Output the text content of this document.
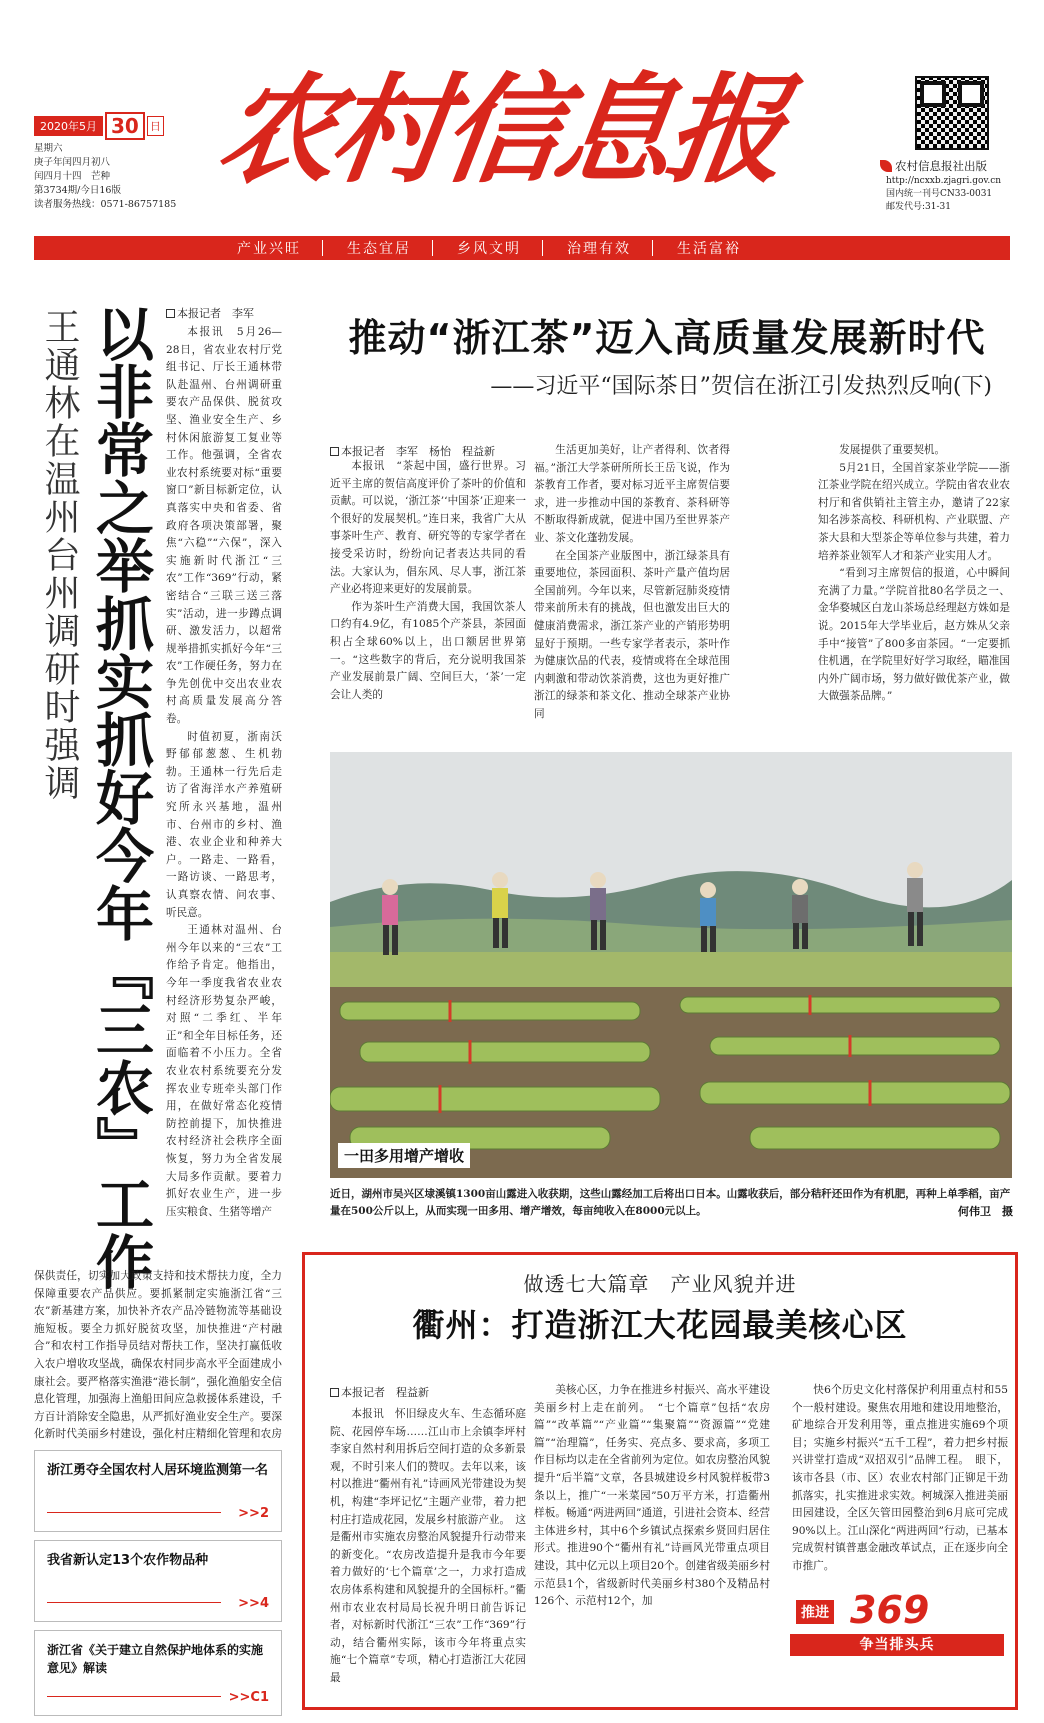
2020年5月 30	日
星期六
庚子年闰四月初八
闰四月十四　芒种
第3734期/今日16版
读者服务热线：0571-86757185
农村信息报	农村信息报社出版
http://ncxxb.zjagri.gov.cn
国内统一刊号CN33-0031
邮发代号:31-31
产业兴旺	生态宜居	乡风文明	治理有效	生活富裕
王通林在温州台州调研时强调 以非常之举抓实抓好今年『三农』工作	本报记者　李军

本报讯　5月26—28日，省农业农村厅党组书记、厅长王通林带队赴温州、台州调研重要农产品保供、脱贫攻坚、渔业安全生产、乡村休闲旅游复工复业等工作。他强调，全省农业农村系统要对标“重要窗口”新目标新定位，认真落实中央和省委、省政府各项决策部署，聚焦“六稳”“六保”，深入实施新时代浙江“三农”工作“369”行动，紧密结合“三联三送三落实”活动，进一步蹲点调研、激发活力，以超常规举措抓实抓好今年“三农”工作硬任务，努力在争先创优中交出农业农村高质量发展高分答卷。

时值初夏，浙南沃野郁郁葱葱、生机勃勃。王通林一行先后走访了省海洋水产养殖研究所永兴基地，温州市、台州市的乡村、渔港、农业企业和种养大户。一路走、一路看，一路访谈、一路思考，认真察农情、问农事、听民意。

王通林对温州、台州今年以来的“三农”工作给予肯定。他指出，今年一季度我省农业农村经济形势复杂严峻，对照“二季红、半年正”和全年目标任务，还面临着不小压力。全省农业农村系统要充分发挥农业专班牵头部门作用，在做好常态化疫情防控前提下，加快推进农村经济社会秩序全面恢复，努力为全省发展大局多作贡献。要着力抓好农业生产，进一步压实粮食、生猪等增产

保供责任，切实加大政策支持和技术帮扶力度，全力保障重要农产品供应。要抓紧制定实施浙江省“三农”新基建方案，加快补齐农产品冷链物流等基础设施短板。要全力抓好脱贫攻坚，加快推进“产村融合”和农村工作指导员结对帮扶工作，坚决打赢低收入农户增收攻坚战，确保农村同步高水平全面建成小康社会。要严格落实渔港“港长制”，强化渔船安全信息化管理，加强海上渔船田间应急救援体系建设，千方百计消除安全隐患，从严抓好渔业安全生产。要深化新时代美丽乡村建设，强化村庄精细化管理和农房
推动“浙江茶”迈入高质量发展新时代
——习近平“国际茶日”贺信在浙江引发热烈反响(下)
本报记者　李军　杨怡　程益新

本报讯　“茶起中国，盛行世界。习近平主席的贺信高度评价了茶叶的价值和贡献。可以说，‘浙江茶’‘中国茶’正迎来一个很好的发展契机。”连日来，我省广大从事茶叶生产、教育、研究等的专家学者在接受采访时，纷纷向记者表达共同的看法。大家认为，倡东风、尽人事，浙江茶产业必将迎来更好的发展前景。

作为茶叶生产消费大国，我国饮茶人口约有4.9亿，有1085个产茶县，茶园面积占全球60%以上，出口额居世界第一。“这些数字的背后，充分说明我国茶产业发展前景广阔、空间巨大，‘茶’一定会让人类的

生活更加美好，让产者得利、饮者得福。”浙江大学茶研所所长王岳飞说，作为茶教育工作者，要对标习近平主席贺信要求，进一步推动中国的茶教育、茶科研等不断取得新成就，促进中国乃至世界茶产业、茶文化蓬勃发展。

在全国茶产业版图中，浙江绿茶具有重要地位，茶园面积、茶叶产量产值均居全国前列。今年以来，尽管新冠肺炎疫情带来前所未有的挑战，但也激发出巨大的健康消费需求，浙江茶产业的产销形势明显好于预期。一些专家学者表示，茶叶作为健康饮品的代表，疫情或将在全球范围内刺激和带动饮茶消费，这也为更好推广浙江的绿茶和茶文化、推动全球茶产业协同

发展提供了重要契机。

5月21日，全国首家茶业学院——浙江茶业学院在绍兴成立。学院由省农业农村厅和省供销社主管主办，邀请了22家知名涉茶高校、科研机构、产业联盟、产茶大县和大型茶企等单位参与共建，着力培养茶业领军人才和茶产业实用人才。

“看到习主席贺信的报道，心中瞬间充满了力量。”学院首批80名学员之一、金华婺城区白龙山茶场总经理赵方姝如是说。2015年大学毕业后，赵方姝从父亲手中“接管”了800多亩茶园。“一定要抓住机遇，在学院里好好学习取经，瞄准国内外广阔市场，努力做好做优茶产业，做大做强茶品牌。”

一田多用增产增收
近日，湖州市吴兴区埭溪镇1300亩山露进入收获期，这些山露经加工后将出口日本。山露收获后，部分秸秆还田作为有机肥，再种上单季稻，亩产量在500公斤以上，从而实现一田多用、增产增效，每亩纯收入在8000元以上。	何伟卫　摄
做透七大篇章　产业风貌并进
衢州：打造浙江大花园最美核心区
本报记者　程益新

本报讯　怀旧绿皮火车、生态循环庭院、花园停车场……江山市上余镇李坪村李家自然村利用拆后空间打造的众多新景观，不时引来人们的赞叹。去年以来，该村以推进“衢州有礼”诗画风光带建设为契机，构建“李坪记忆”主题产业带，着力把村庄打造成花园，发展乡村旅游产业。　这是衢州市实施农房整治风貌提升行动带来的新变化。“农房改造提升是我市今年要着力做好的‘七个篇章’之一，力求打造成农房体系构建和风貌提升的全国标杆。”衢州市农业农村局局长祝升明日前告诉记者，对标新时代浙江“三农”工作“369”行动，结合衢州实际，该市今年将重点实施“七个篇章”专项，精心打造浙江大花园最

美核心区，力争在推进乡村振兴、高水平建设美丽乡村上走在前列。　“七个篇章”包括“农房篇”“改革篇”“产业篇”“集聚篇”“资源篇”“党建篇”“治理篇”，任务实、亮点多、要求高，多项工作目标均以走在全省前列为定位。如农房整治风貌提升“后半篇”文章，各县城建设乡村风貌样板带3条以上，推广“一米菜园”50万平方米，打造衢州样板。畅通“两进两回”通道，引进社会资本、经营主体进乡村，其中6个乡镇试点探索乡贤回归居住形式。推进90个“衢州有礼”诗画风光带重点项目建设，其中亿元以上项目20个。创建省级美丽乡村示范县1个，省级新时代美丽乡村380个及精品村126个、示范村12个，加

快6个历史文化村落保护利用重点村和55个一般村建设。聚焦农用地和建设用地整治，矿地综合开发利用等，重点推进实施69个项目；实施乡村振兴“五千工程”，着力把乡村振兴讲堂打造成“双招双引”品牌工程。　眼下，该市各县（市、区）农业农村部门正铆足干劲抓落实，扎实推进求实效。柯城深入推进美丽田园建设，全区矢管田园整治到6月底可完成90%以上。江山深化“两进两回”行动，已基本完成贺村镇普惠金融改革试点，正在逐步向全市推广。

推进 369
争当排头兵
浙江勇夺全国农村人居环境监测第一名
>>2
我省新认定13个农作物品种
>>4
浙江省《关于建立自然保护地体系的实施意见》解读
>>C1
